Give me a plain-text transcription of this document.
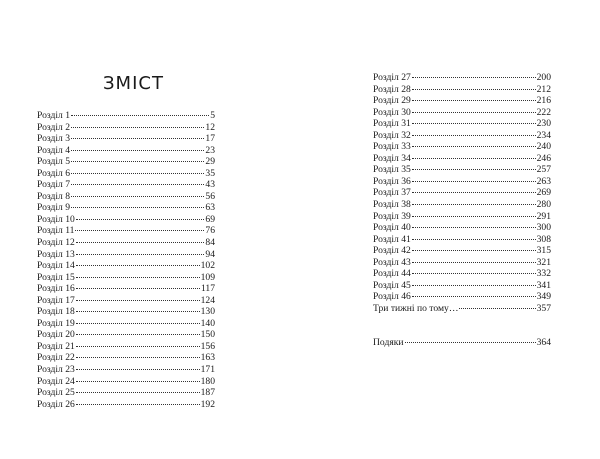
ЗМІСТ
Розділ 1	5
Розділ 2	12
Розділ 3	17
Розділ 4	23
Розділ 5	29
Розділ 6	35
Розділ 7	43
Розділ 8	56
Розділ 9	63
Розділ 10	69
Розділ 11	76
Розділ 12	84
Розділ 13	94
Розділ 14	102
Розділ 15	109
Розділ 16	117
Розділ 17	124
Розділ 18	130
Розділ 19	140
Розділ 20	150
Розділ 21	156
Розділ 22	163
Розділ 23	171
Розділ 24	180
Розділ 25	187
Розділ 26	192
Розділ 27	200
Розділ 28	212
Розділ 29	216
Розділ 30	222
Розділ 31	230
Розділ 32	234
Розділ 33	240
Розділ 34	246
Розділ 35	257
Розділ 36	263
Розділ 37	269
Розділ 38	280
Розділ 39	291
Розділ 40	300
Розділ 41	308
Розділ 42	315
Розділ 43	321
Розділ 44	332
Розділ 45	341
Розділ 46	349
Три тижні по тому…	357
Подяки	364
